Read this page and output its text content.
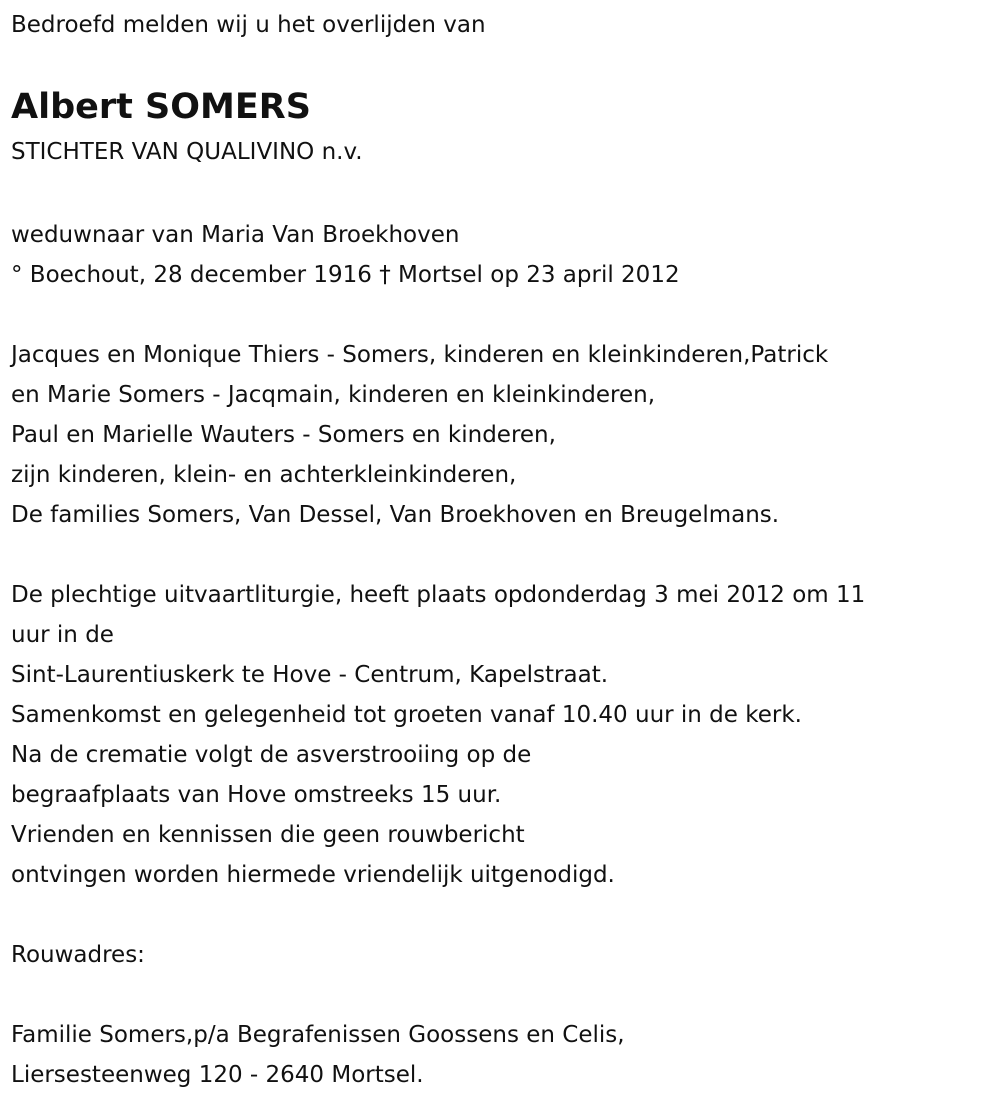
Bedroefd melden wij u het overlijden van
Albert SOMERS
STICHTER VAN QUALIVINO n.v.
weduwnaar van Maria Van Broekhoven
° Boechout, 28 december 1916 † Mortsel op 23 april 2012
Jacques en Monique Thiers - Somers, kinderen en kleinkinderen,Patrick
en Marie Somers - Jacqmain, kinderen en kleinkinderen,
Paul en Marielle Wauters - Somers en kinderen,
zijn kinderen, klein- en achterkleinkinderen,
De families Somers, Van Dessel, Van Broekhoven en Breugelmans.
De plechtige uitvaartliturgie, heeft plaats opdonderdag 3 mei 2012 om 11
uur in de
Sint-Laurentiuskerk te Hove - Centrum, Kapelstraat.
Samenkomst en gelegenheid tot groeten vanaf 10.40 uur in de kerk.
Na de crematie volgt de asverstrooiing op de
begraafplaats van Hove omstreeks 15 uur.
Vrienden en kennissen die geen rouwbericht
ontvingen worden hiermede vriendelijk uitgenodigd.
Rouwadres:
Familie Somers,p/a Begrafenissen Goossens en Celis,
Liersesteenweg 120 - 2640 Mortsel.
